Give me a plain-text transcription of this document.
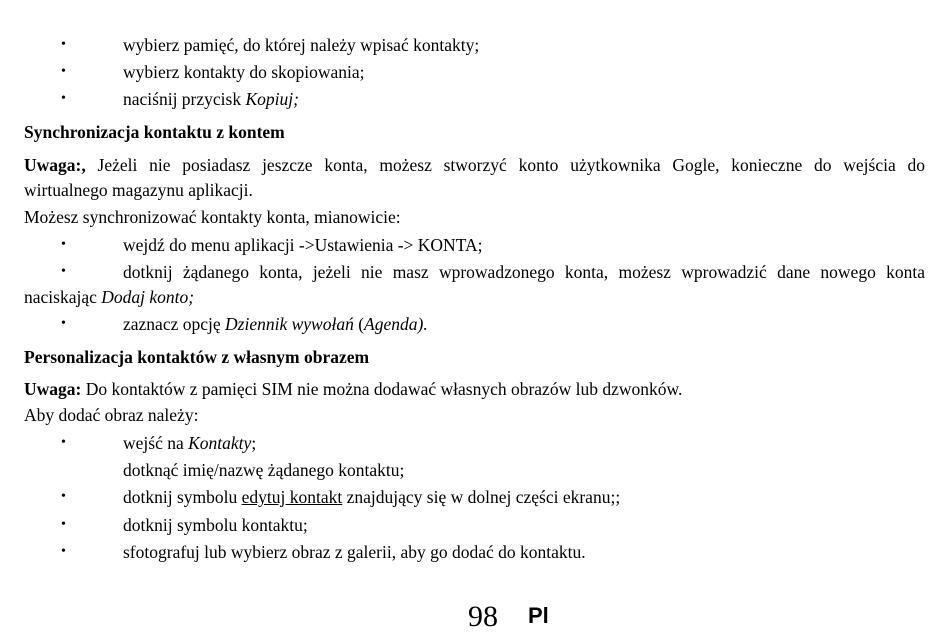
•	wybierz pamięć, do której należy wpisać kontakty;
•	wybierz kontakty do skopiowania;
•	naciśnij przycisk Kopiuj;
Synchronizacja kontaktu z kontem
Uwaga:, Jeżeli nie posiadasz jeszcze konta, możesz stworzyć konto użytkownika Gogle, konieczne do wejścia do
wirtualnego magazynu aplikacji.
Możesz synchronizować kontakty konta, mianowicie:
•	wejdź do menu aplikacji ->Ustawienia -> KONTA;
•	dotknij żądanego konta, jeżeli nie masz wprowadzonego konta, możesz wprowadzić dane nowego konta
naciskając Dodaj konto;
•	zaznacz opcję Dziennik wywołań (Agenda).
Personalizacja kontaktów z własnym obrazem
Uwaga: Do kontaktów z pamięci SIM nie można dodawać własnych obrazów lub dzwonków.
Aby dodać obraz należy:
•	wejść na Kontakty;
dotknąć imię/nazwę żądanego kontaktu;
•	dotknij symbolu edytuj kontakt znajdujący się w dolnej części ekranu;;
•	dotknij symbolu kontaktu;
•	sfotografuj lub wybierz obraz z galerii, aby go dodać do kontaktu.
98 Pl
